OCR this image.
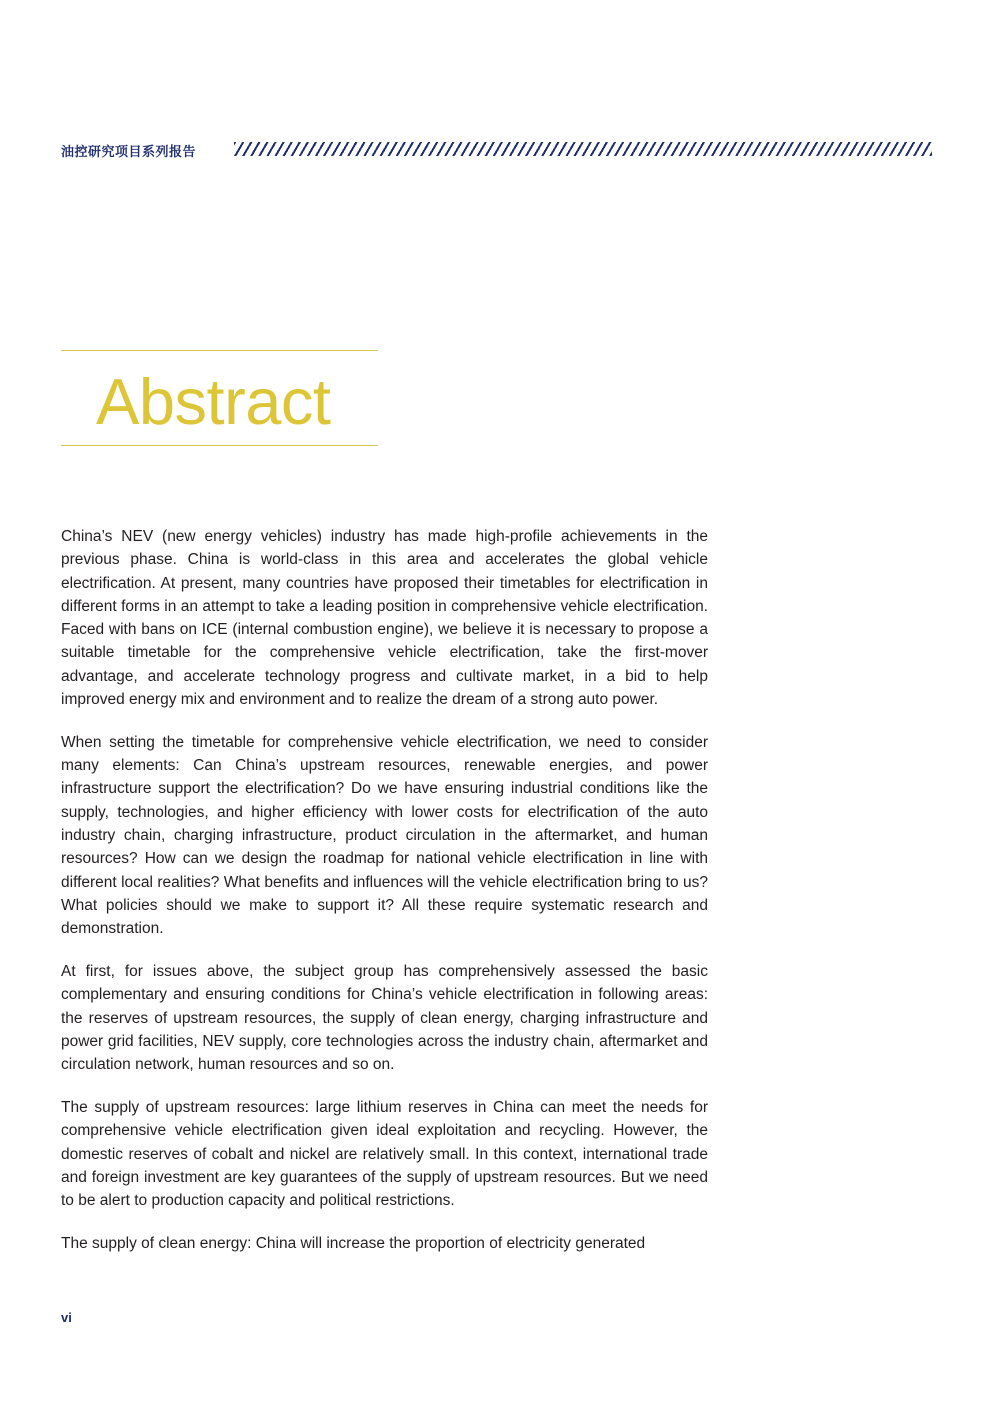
油控研究项目系列报告
Abstract

China’s NEV (new energy vehicles) industry has made high-profile achievements in the previous phase. China is world-class in this area and accelerates the global vehicle electrification. At present, many countries have proposed their timetables for electrification in different forms in an attempt to take a leading position in comprehensive vehicle electrification. Faced with bans on ICE (internal combustion engine), we believe it is necessary to propose a suitable timetable for the comprehensive vehicle electrification, take the first-mover advantage, and accelerate technology progress and cultivate market, in a bid to help improved energy mix and environment and to realize the dream of a strong auto power.

When setting the timetable for comprehensive vehicle electrification, we need to consider many elements: Can China’s upstream resources, renewable energies, and power infrastructure support the electrification? Do we have ensuring industrial conditions like the supply, technologies, and higher efficiency with lower costs for electrification of the auto industry chain, charging infrastructure, product circulation in the aftermarket, and human resources? How can we design the roadmap for national vehicle electrification in line with different local realities? What benefits and influences will the vehicle electrification bring to us? What policies should we make to support it? All these require systematic research and demonstration.

At first, for issues above, the subject group has comprehensively assessed the basic complementary and ensuring conditions for China’s vehicle electrification in following areas: the reserves of upstream resources, the supply of clean energy, charging infrastructure and power grid facilities, NEV supply, core technologies across the industry chain, aftermarket and circulation network, human resources and so on.

The supply of upstream resources: large lithium reserves in China can meet the needs for comprehensive vehicle electrification given ideal exploitation and recycling. However, the domestic reserves of cobalt and nickel are relatively small. In this context, international trade and foreign investment are key guarantees of the supply of upstream resources. But we need to be alert to production capacity and political restrictions.

The supply of clean energy: China will increase the proportion of electricity generated

vi
